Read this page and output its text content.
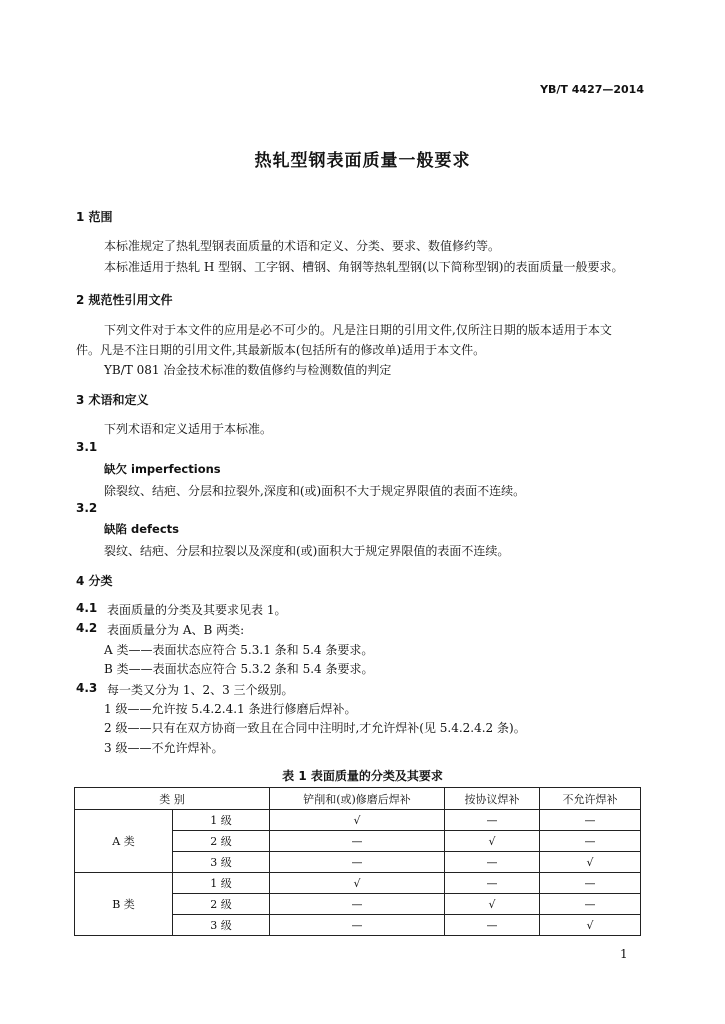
YB/T 4427—2014
热轧型钢表面质量一般要求
1 范围
本标准规定了热轧型钢表面质量的术语和定义、分类、要求、数值修约等。
本标准适用于热轧 H 型钢、工字钢、槽钢、角钢等热轧型钢(以下简称型钢)的表面质量一般要求。
2 规范性引用文件
下列文件对于本文件的应用是必不可少的。凡是注日期的引用文件,仅所注日期的版本适用于本文
件。凡是不注日期的引用文件,其最新版本(包括所有的修改单)适用于本文件。
YB/T 081 冶金技术标准的数值修约与检测数值的判定
3 术语和定义
下列术语和定义适用于本标准。
3.1
缺欠 imperfections
除裂纹、结疤、分层和拉裂外,深度和(或)面积不大于规定界限值的表面不连续。
3.2
缺陷 defects
裂纹、结疤、分层和拉裂以及深度和(或)面积大于规定界限值的表面不连续。
4 分类
4.1 表面质量的分类及其要求见表 1。
4.2 表面质量分为 A、B 两类:
A 类——表面状态应符合 5.3.1 条和 5.4 条要求。
B 类——表面状态应符合 5.3.2 条和 5.4 条要求。
4.3 每一类又分为 1、2、3 三个级别。
1 级——允许按 5.4.2.4.1 条进行修磨后焊补。
2 级——只有在双方协商一致且在合同中注明时,才允许焊补(见 5.4.2.4.2 条)。
3 级——不允许焊补。
表 1 表面质量的分类及其要求
类 别		铲削和(或)修磨后焊补	按协议焊补	不允许焊补
A 类	1 级	√	—	—
	2 级	—	√	—
	3 级	—	—	√
B 类	1 级	√	—	—
	2 级	—	√	—
	3 级	—	—	√
1
